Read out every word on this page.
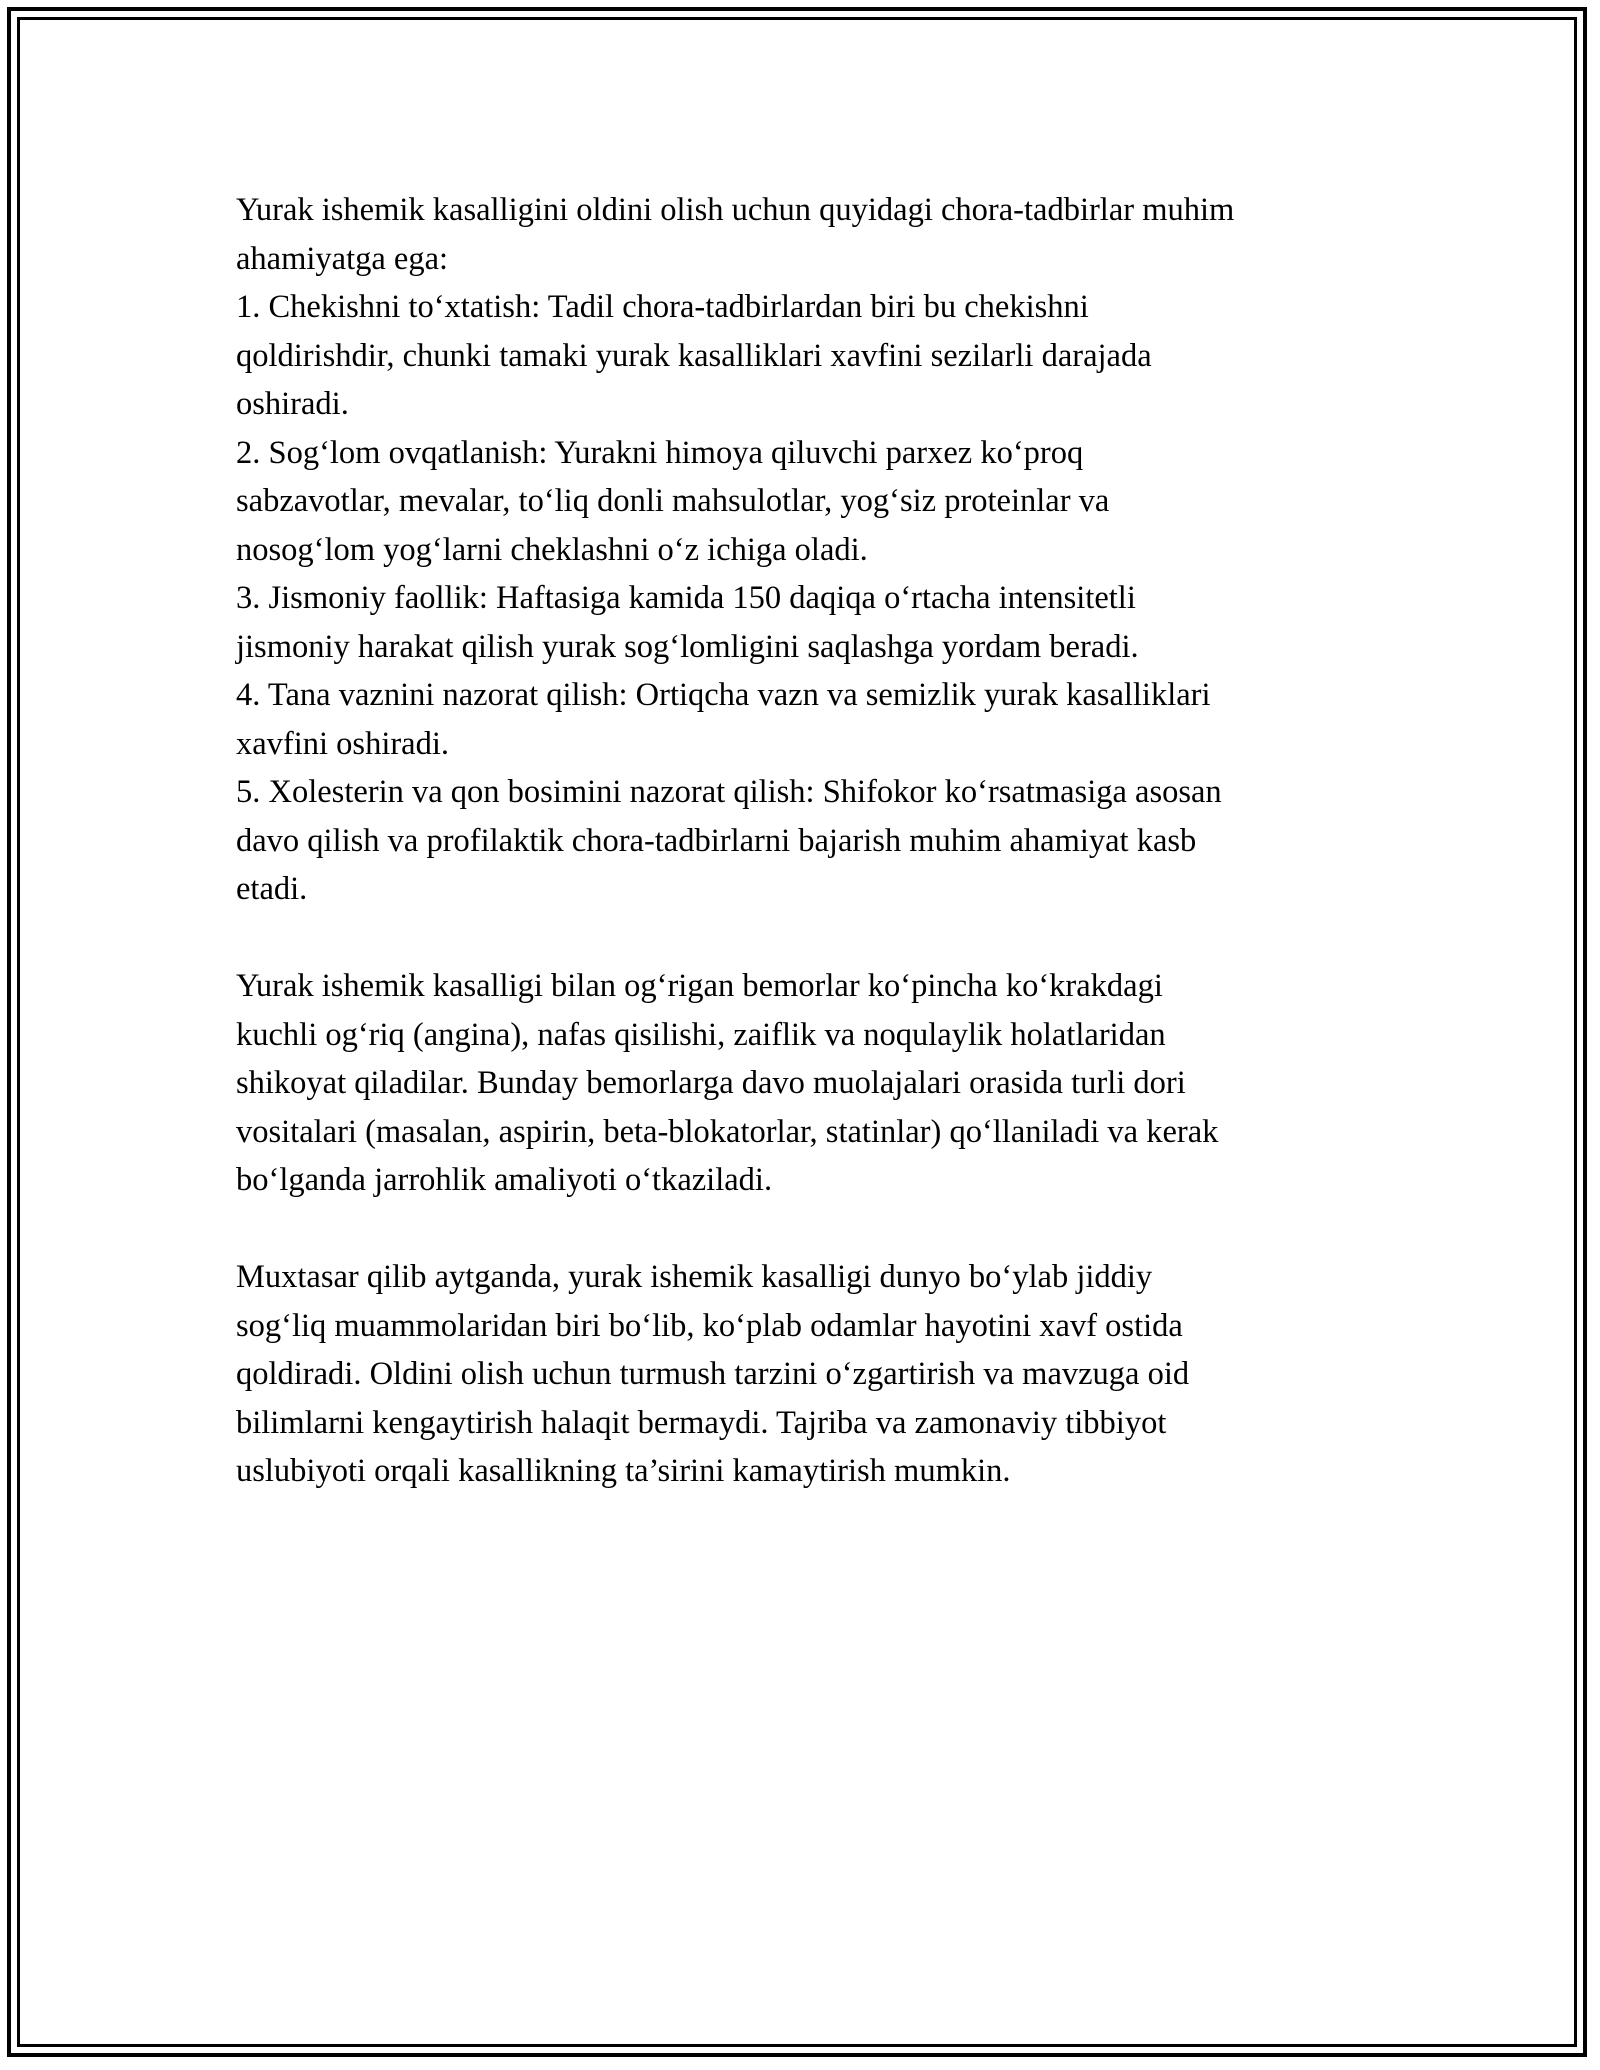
Yurak ishemik kasalligini oldini olish uchun quyidagi chora-tadbirlar muhim
ahamiyatga ega:
1. Chekishni to‘xtatish: Tadil chora-tadbirlardan biri bu chekishni
qoldirishdir, chunki tamaki yurak kasalliklari xavfini sezilarli darajada
oshiradi.
2. Sog‘lom ovqatlanish: Yurakni himoya qiluvchi parxez ko‘proq
sabzavotlar, mevalar, to‘liq donli mahsulotlar, yog‘siz proteinlar va
nosog‘lom yog‘larni cheklashni o‘z ichiga oladi.
3. Jismoniy faollik: Haftasiga kamida 150 daqiqa o‘rtacha intensitetli
jismoniy harakat qilish yurak sog‘lomligini saqlashga yordam beradi.
4. Tana vaznini nazorat qilish: Ortiqcha vazn va semizlik yurak kasalliklari
xavfini oshiradi.
5. Xolesterin va qon bosimini nazorat qilish: Shifokor ko‘rsatmasiga asosan
davo qilish va profilaktik chora-tadbirlarni bajarish muhim ahamiyat kasb
etadi.

Yurak ishemik kasalligi bilan og‘rigan bemorlar ko‘pincha ko‘krakdagi
kuchli og‘riq (angina), nafas qisilishi, zaiflik va noqulaylik holatlaridan
shikoyat qiladilar. Bunday bemorlarga davo muolajalari orasida turli dori
vositalari (masalan, aspirin, beta-blokatorlar, statinlar) qo‘llaniladi va kerak
bo‘lganda jarrohlik amaliyoti o‘tkaziladi.

Muxtasar qilib aytganda, yurak ishemik kasalligi dunyo bo‘ylab jiddiy
sog‘liq muammolaridan biri bo‘lib, ko‘plab odamlar hayotini xavf ostida
qoldiradi. Oldini olish uchun turmush tarzini o‘zgartirish va mavzuga oid
bilimlarni kengaytirish halaqit bermaydi. Tajriba va zamonaviy tibbiyot
uslubiyoti orqali kasallikning ta’sirini kamaytirish mumkin.
